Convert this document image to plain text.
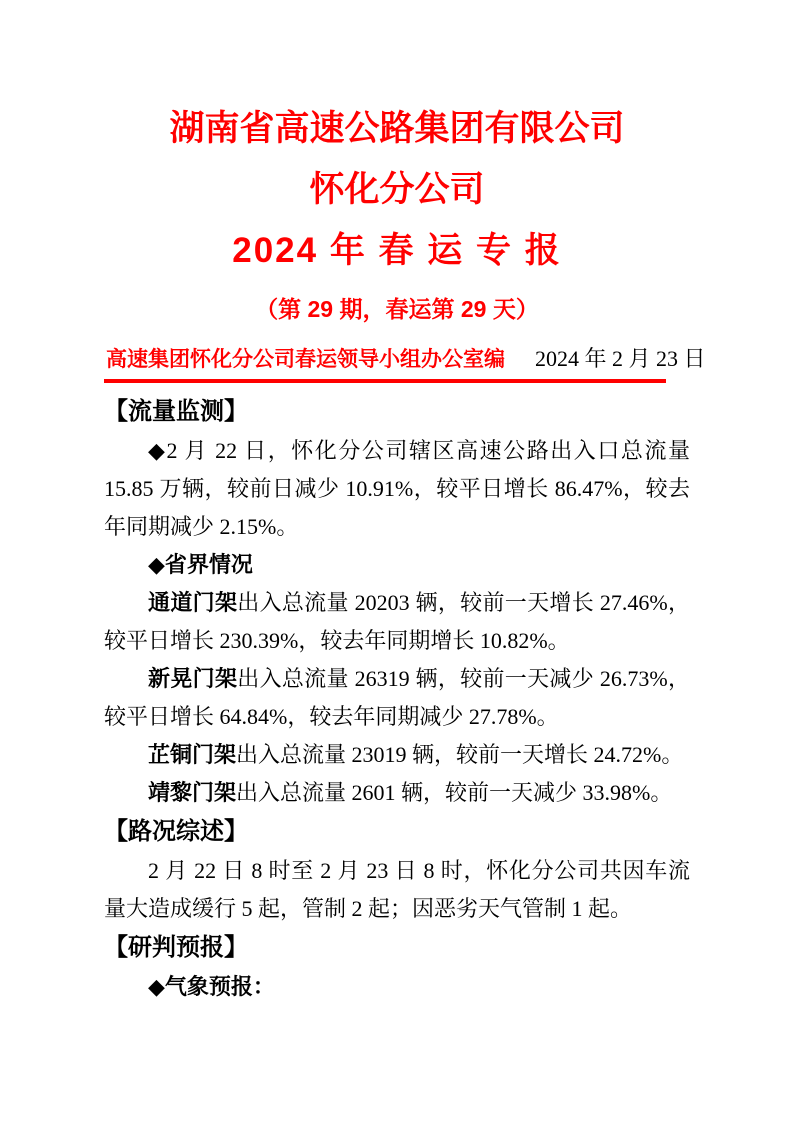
湖南省高速公路集团有限公司
怀化分公司
2024 年 春 运 专 报
（第 29 期，春运第 29 天）
高速集团怀化分公司春运领导小组办公室编 2024 年 2 月 23 日
【流量监测】

◆2 月 22 日，怀化分公司辖区高速公路出入口总流量 15.85 万辆，较前日减少 10.91%，较平日增长 86.47%，较去年同期减少 2.15%。

◆省界情况

通道门架出入总流量 20203 辆，较前一天增长 27.46%，较平日增长 230.39%，较去年同期增长 10.82%。

新晃门架出入总流量 26319 辆，较前一天减少 26.73%，较平日增长 64.84%，较去年同期减少 27.78%。

芷铜门架出入总流量 23019 辆，较前一天增长 24.72%。

靖黎门架出入总流量 2601 辆，较前一天减少 33.98%。

【路况综述】

2 月 22 日 8 时至 2 月 23 日 8 时，怀化分公司共因车流量大造成缓行 5 起，管制 2 起；因恶劣天气管制 1 起。

【研判预报】

◆气象预报：
